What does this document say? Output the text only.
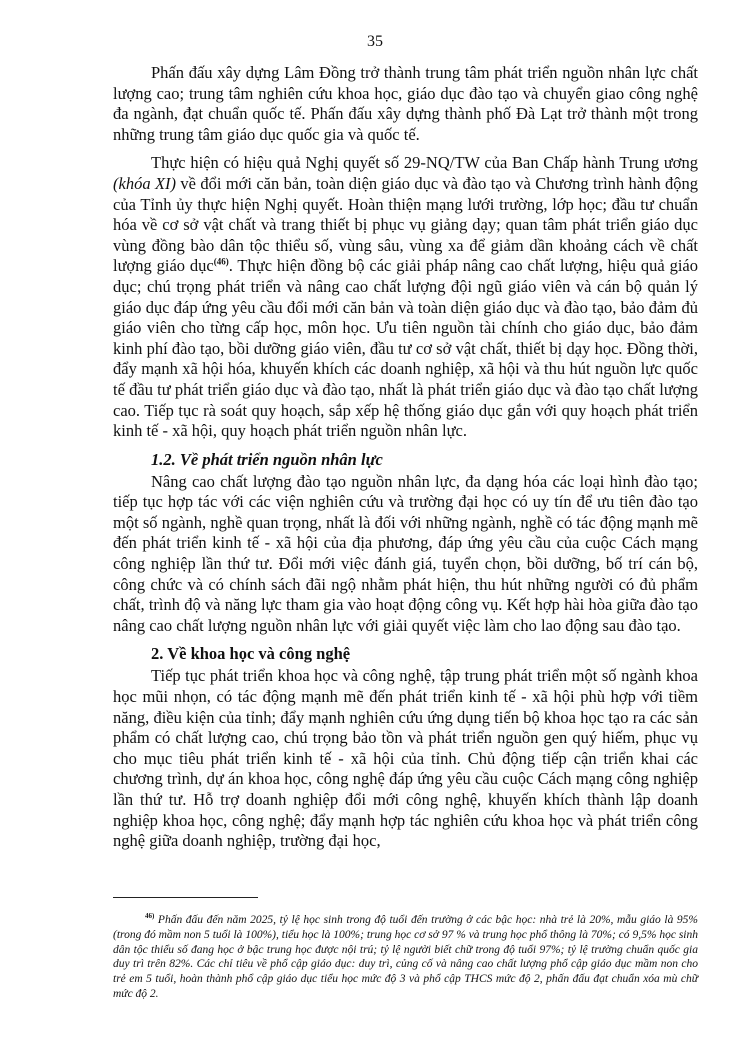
35

Phấn đấu xây dựng Lâm Đồng trở thành trung tâm phát triển nguồn nhân lực chất lượng cao; trung tâm nghiên cứu khoa học, giáo dục đào tạo và chuyển giao công nghệ đa ngành, đạt chuẩn quốc tế. Phấn đấu xây dựng thành phố Đà Lạt trở thành một trong những trung tâm giáo dục quốc gia và quốc tế.

Thực hiện có hiệu quả Nghị quyết số 29-NQ/TW của Ban Chấp hành Trung ương (khóa XI) về đổi mới căn bản, toàn diện giáo dục và đào tạo và Chương trình hành động của Tỉnh ủy thực hiện Nghị quyết. Hoàn thiện mạng lưới trường, lớp học; đầu tư chuẩn hóa về cơ sở vật chất và trang thiết bị phục vụ giảng dạy; quan tâm phát triển giáo dục vùng đồng bào dân tộc thiểu số, vùng sâu, vùng xa để giảm dần khoảng cách về chất lượng giáo dục$^{(46)}$. Thực hiện đồng bộ các giải pháp nâng cao chất lượng, hiệu quả giáo dục; chú trọng phát triển và nâng cao chất lượng đội ngũ giáo viên và cán bộ quản lý giáo dục đáp ứng yêu cầu đổi mới căn bản và toàn diện giáo dục và đào tạo, bảo đảm đủ giáo viên cho từng cấp học, môn học. Ưu tiên nguồn tài chính cho giáo dục, bảo đảm kinh phí đào tạo, bồi dưỡng giáo viên, đầu tư cơ sở vật chất, thiết bị dạy học. Đồng thời, đẩy mạnh xã hội hóa, khuyến khích các doanh nghiệp, xã hội và thu hút nguồn lực quốc tế đầu tư phát triển giáo dục và đào tạo, nhất là phát triển giáo dục và đào tạo chất lượng cao. Tiếp tục rà soát quy hoạch, sắp xếp hệ thống giáo dục gắn với quy hoạch phát triển kinh tế - xã hội, quy hoạch phát triển nguồn nhân lực.

1.2. Về phát triển nguồn nhân lực

Nâng cao chất lượng đào tạo nguồn nhân lực, đa dạng hóa các loại hình đào tạo; tiếp tục hợp tác với các viện nghiên cứu và trường đại học có uy tín để ưu tiên đào tạo một số ngành, nghề quan trọng, nhất là đối với những ngành, nghề có tác động mạnh mẽ đến phát triển kinh tế - xã hội của địa phương, đáp ứng yêu cầu của cuộc Cách mạng công nghiệp lần thứ tư. Đổi mới việc đánh giá, tuyển chọn, bồi dưỡng, bố trí cán bộ, công chức và có chính sách đãi ngộ nhằm phát hiện, thu hút những người có đủ phẩm chất, trình độ và năng lực tham gia vào hoạt động công vụ. Kết hợp hài hòa giữa đào tạo nâng cao chất lượng nguồn nhân lực với giải quyết việc làm cho lao động sau đào tạo.

2. Về khoa học và công nghệ

Tiếp tục phát triển khoa học và công nghệ, tập trung phát triển một số ngành khoa học mũi nhọn, có tác động mạnh mẽ đến phát triển kinh tế - xã hội phù hợp với tiềm năng, điều kiện của tỉnh; đẩy mạnh nghiên cứu ứng dụng tiến bộ khoa học tạo ra các sản phẩm có chất lượng cao, chú trọng bảo tồn và phát triển nguồn gen quý hiếm, phục vụ cho mục tiêu phát triển kinh tế - xã hội của tỉnh. Chủ động tiếp cận triển khai các chương trình, dự án khoa học, công nghệ đáp ứng yêu cầu cuộc Cách mạng công nghiệp lần thứ tư. Hỗ trợ doanh nghiệp đổi mới công nghệ, khuyến khích thành lập doanh nghiệp khoa học, công nghệ; đẩy mạnh hợp tác nghiên cứu khoa học và phát triển công nghệ giữa doanh nghiệp, trường đại học,

$^{46)}$ Phấn đấu đến năm 2025, tỷ lệ học sinh trong độ tuổi đến trường ở các bậc học: nhà trẻ là 20%, mẫu giáo là 95% (trong đó mầm non 5 tuổi là 100%), tiểu học là 100%; trung học cơ sở 97 % và trung học phổ thông là 70%; có 9,5% học sinh dân tộc thiểu số đang học ở bậc trung học được nội trú; tỷ lệ người biết chữ trong độ tuổi 97%; tỷ lệ trường chuẩn quốc gia duy trì trên 82%. Các chỉ tiêu về phổ cập giáo dục: duy trì, củng cố và nâng cao chất lượng phổ cập giáo dục mầm non cho trẻ em 5 tuổi, hoàn thành phổ cập giáo dục tiểu học mức độ 3 và phổ cập THCS mức độ 2, phấn đấu đạt chuẩn xóa mù chữ mức độ 2.
